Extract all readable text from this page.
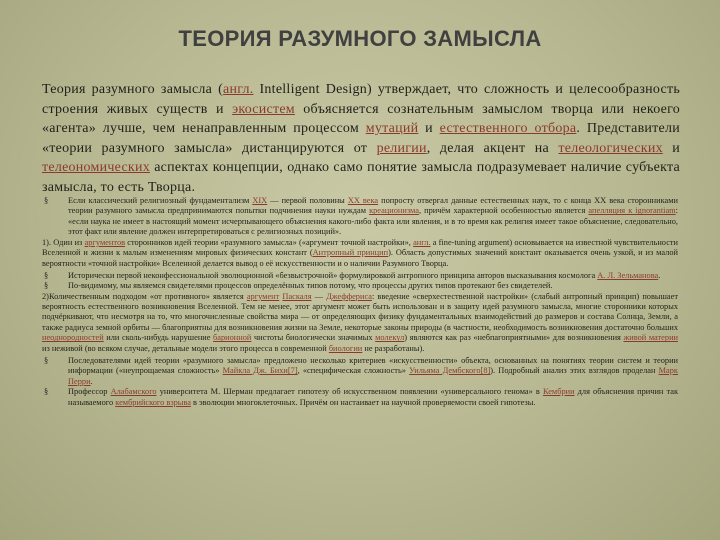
ТЕОРИЯ РАЗУМНОГО ЗАМЫСЛА
Теория разумного замысла (англ. Intelligent Design) утверждает, что сложность и целесообразность строения живых существ и экосистем объясняется сознательным замыслом творца или некоего «агента» лучше, чем ненаправленным процессом мутаций и естественного отбора. Представители «теории разумного замысла» дистанцируются от религии, делая акцент на телеологических и телеономических аспектах концепции, однако само понятие замысла подразумевает наличие субъекта замысла, то есть Творца.
§	Если классический религиозный фундаментализм XIX — первой половины XX века попросту отвергал данные естественных наук, то с конца XX века сторонниками теории разумного замысла предпринимаются попытки подчинения науки нуждам креационизма, причём характерной особенностью является апелляция к ignorantiam: «если наука не имеет в настоящий момент исчерпывающего объяснения какого-либо факта или явления, и в то время как религия имеет такое объяснение, следовательно, этот факт или явление должен интерпретироваться с религиозных позиций».

1). Один из аргументов сторонников идей теории «разумного замысла» («аргумент точной настройки», англ. a fine-tuning argument) основывается на известной чувствительности Вселенной и жизни к малым изменениям мировых физических констант (Антропный принцип). Область допустимых значений констант оказывается очень узкой, и из малой вероятности «точной настройки» Вселенной делается вывод о её искусственности и о наличии Разумного Творца.

§	Исторически первой неконфессиональной эволюционной «безвыстрочной» формулировкой антропного принципа авторов высказывания космолога А. Л. Зельманова.
§	По-видимому, мы являемся свидетелями процессов определённых типов потому, что процессы других типов протекают без свидетелей.

2)Количественным подходом «от противного» является аргумент Паскаля — Джеффериса: введение «сверхестественной настройки» (слабый антропный принцип) повышает вероятность естественного возникновения Вселенной. Тем не менее, этот аргумент может быть использован и в защиту идей разумного замысла, многие сторонники которых подчёркивают, что несмотря на то, что многочисленные свойства мира — от определяющих физику фундаментальных взаимодействий до размеров и состава Солнца, Земли, а также радиуса земной орбиты — благоприятны для возникновения жизни на Земле, некоторые законы природы (в частности, необходимость возникновения достаточно больших неоднородностей или сколь-нибудь нарушение барионной чистоты биологически значимых молекул) являются как раз «небпагоприятными» для возникновения живой материи из неживой (во всяком случае, детальные модели этого процесса в современной биологии не разработаны).

§	Последователями идей теории «разумного замысла» предложено несколько критериев «искусственности» объекта, основанных на понятиях теории систем и теории информации («неупрощаемая сложность» Майкла Дж. Бихи[7], «специфическая сложность» Уильяма Дембского[8]). Подробный анализ этих взглядов проделан Марк Перри.
§	Профессор Алабамского университета М. Шерман предлагает гипотезу об искусственном появлении «универсального генома» в Кембрии для объяснения причин так называемого кембрийского взрыва в эволюции многоклеточных. Причём он настаивает на научной проверяемости своей гипотезы.
